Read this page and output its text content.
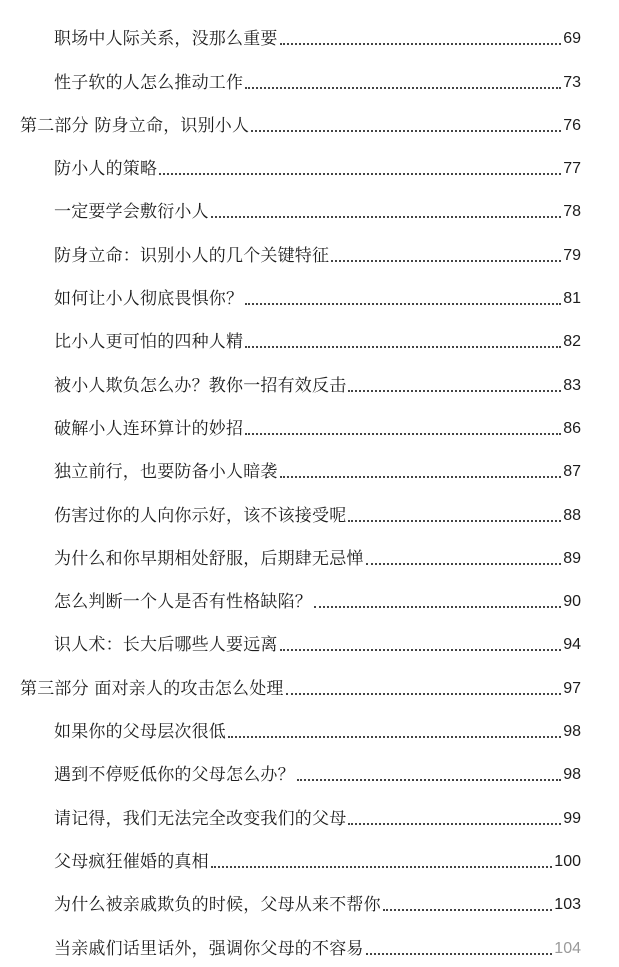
职场中人际关系，没那么重要	69
性子软的人怎么推动工作	73
第二部分 防身立命，识别小人	76
防小人的策略	77
一定要学会敷衍小人	78
防身立命：识别小人的几个关键特征	79
如何让小人彻底畏惧你？	81
比小人更可怕的四种人精	82
被小人欺负怎么办？教你一招有效反击	83
破解小人连环算计的妙招	86
独立前行，也要防备小人暗袭	87
伤害过你的人向你示好，该不该接受呢	88
为什么和你早期相处舒服，后期肆无忌惮	89
怎么判断一个人是否有性格缺陷？	90
识人术：长大后哪些人要远离	94
第三部分 面对亲人的攻击怎么处理	97
如果你的父母层次很低	98
遇到不停贬低你的父母怎么办？	98
请记得，我们无法完全改变我们的父母	99
父母疯狂催婚的真相	100
为什么被亲戚欺负的时候，父母从来不帮你	103
当亲戚们话里话外，强调你父母的不容易	104
